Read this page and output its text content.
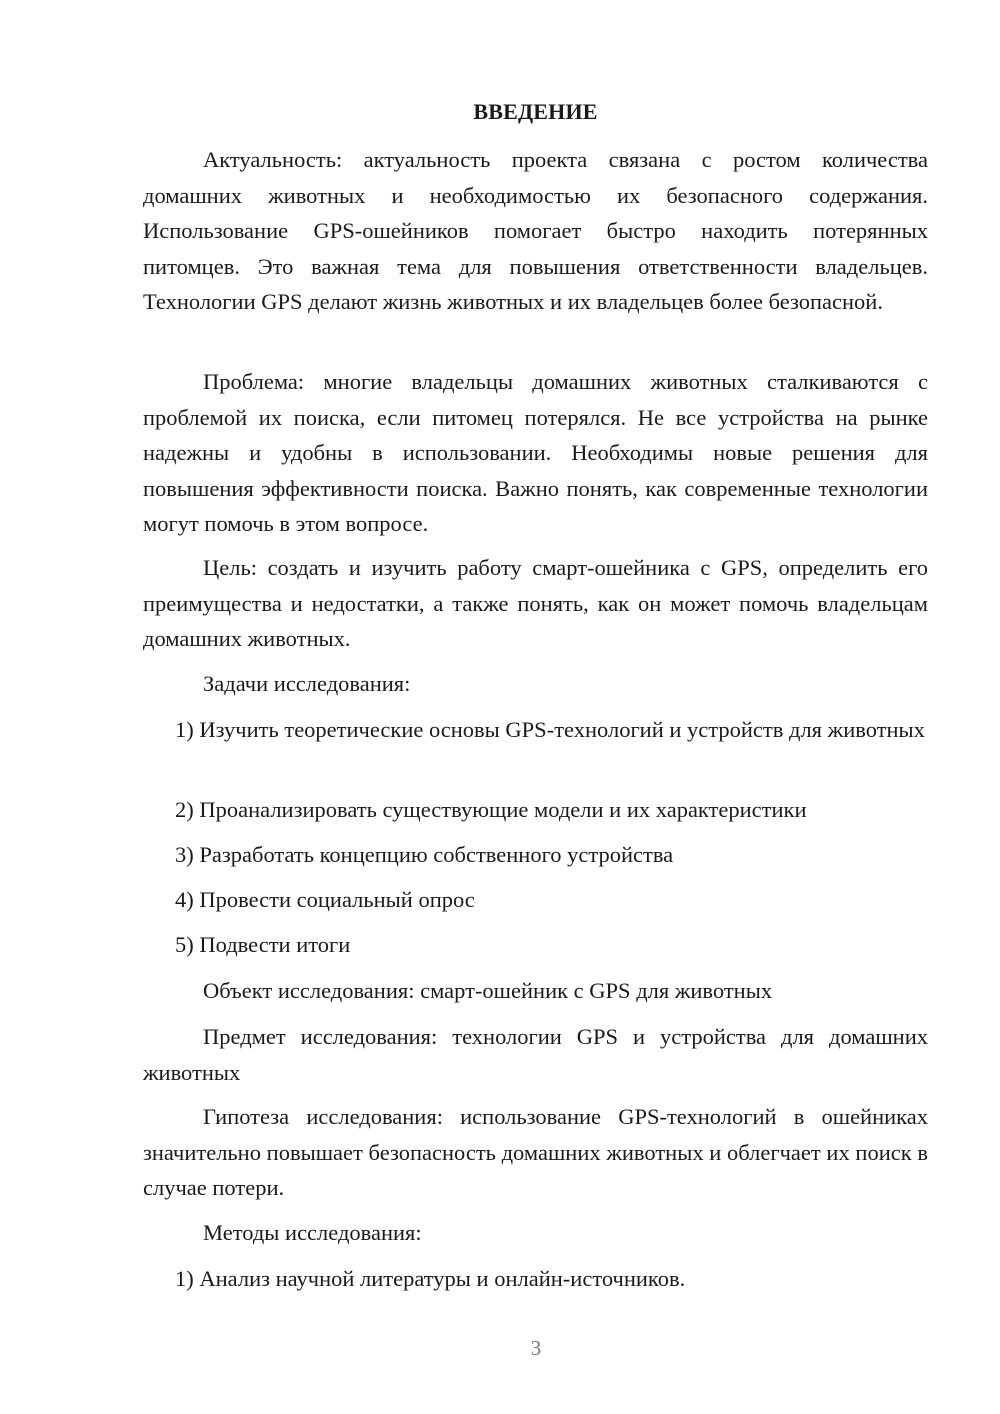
ВВЕДЕНИЕ

Актуальность: актуальность проекта связана с ростом количества домашних животных и необходимостью их безопасного содержания. Использование GPS-ошейников помогает быстро находить потерянных питомцев. Это важная тема для повышения ответственности владельцев. Технологии GPS делают жизнь животных и их владельцев более безопасной.

Проблема: многие владельцы домашних животных сталкиваются с проблемой их поиска, если питомец потерялся. Не все устройства на рынке надежны и удобны в использовании. Необходимы новые решения для повышения эффективности поиска. Важно понять, как современные технологии могут помочь в этом вопросе.

Цель: создать и изучить работу смарт-ошейника с GPS, определить его преимущества и недостатки, а также понять, как он может помочь владельцам домашних животных.

Задачи исследования:

1) Изучить теоретические основы GPS-технологий и устройств для животных

2) Проанализировать существующие модели и их характеристики

3) Разработать концепцию собственного устройства

4) Провести социальный опрос

5) Подвести итоги

Объект исследования: смарт-ошейник с GPS для животных

Предмет исследования: технологии GPS и устройства для домашних животных

Гипотеза исследования: использование GPS-технологий в ошейниках значительно повышает безопасность домашних животных и облегчает их поиск в случае потери.

Методы исследования:

1) Анализ научной литературы и онлайн-источников.

3
